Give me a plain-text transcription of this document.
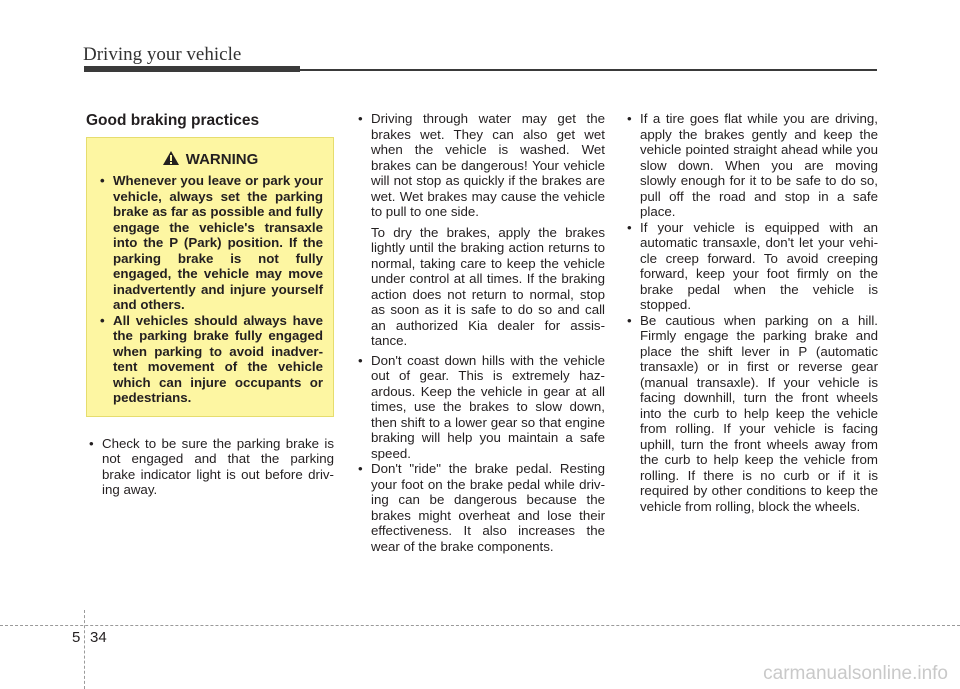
Driving your vehicle
Good braking practices
WARNING
• Whenever you leave or park your vehicle, always set the parking brake as far as possible and fully engage the vehicle's transaxle into the P (Park) position. If the parking brake is not fully engaged, the vehicle may move inadvertently and injure yourself and others.
• All vehicles should always have the parking brake fully engaged when parking to avoid inadver-tent movement of the vehicle which can injure occupants or pedestrians.
• Check to be sure the parking brake is not engaged and that the parking brake indicator light is out before driv-ing away.
• Driving through water may get the brakes wet. They can also get wet when the vehicle is washed. Wet brakes can be dangerous! Your vehicle will not stop as quickly if the brakes are wet. Wet brakes may cause the vehicle to pull to one side.
To dry the brakes, apply the brakes lightly until the braking action returns to normal, taking care to keep the vehicle under control at all times. If the braking action does not return to normal, stop as soon as it is safe to do so and call an authorized Kia dealer for assis-tance.
• Don't coast down hills with the vehicle out of gear. This is extremely haz-ardous. Keep the vehicle in gear at all times, use the brakes to slow down, then shift to a lower gear so that engine braking will help you maintain a safe speed.
• Don't "ride" the brake pedal. Resting your foot on the brake pedal while driv-ing can be dangerous because the brakes might overheat and lose their effectiveness. It also increases the wear of the brake components.
• If a tire goes flat while you are driving, apply the brakes gently and keep the vehicle pointed straight ahead while you slow down. When you are moving slowly enough for it to be safe to do so, pull off the road and stop in a safe place.
• If your vehicle is equipped with an automatic transaxle, don't let your vehi-cle creep forward. To avoid creeping forward, keep your foot firmly on the brake pedal when the vehicle is stopped.
• Be cautious when parking on a hill. Firmly engage the parking brake and place the shift lever in P (automatic transaxle) or in first or reverse gear (manual transaxle). If your vehicle is facing downhill, turn the front wheels into the curb to help keep the vehicle from rolling. If your vehicle is facing uphill, turn the front wheels away from the curb to help keep the vehicle from rolling. If there is no curb or if it is required by other conditions to keep the vehicle from rolling, block the wheels.
5 34
carmanualsonline.info
